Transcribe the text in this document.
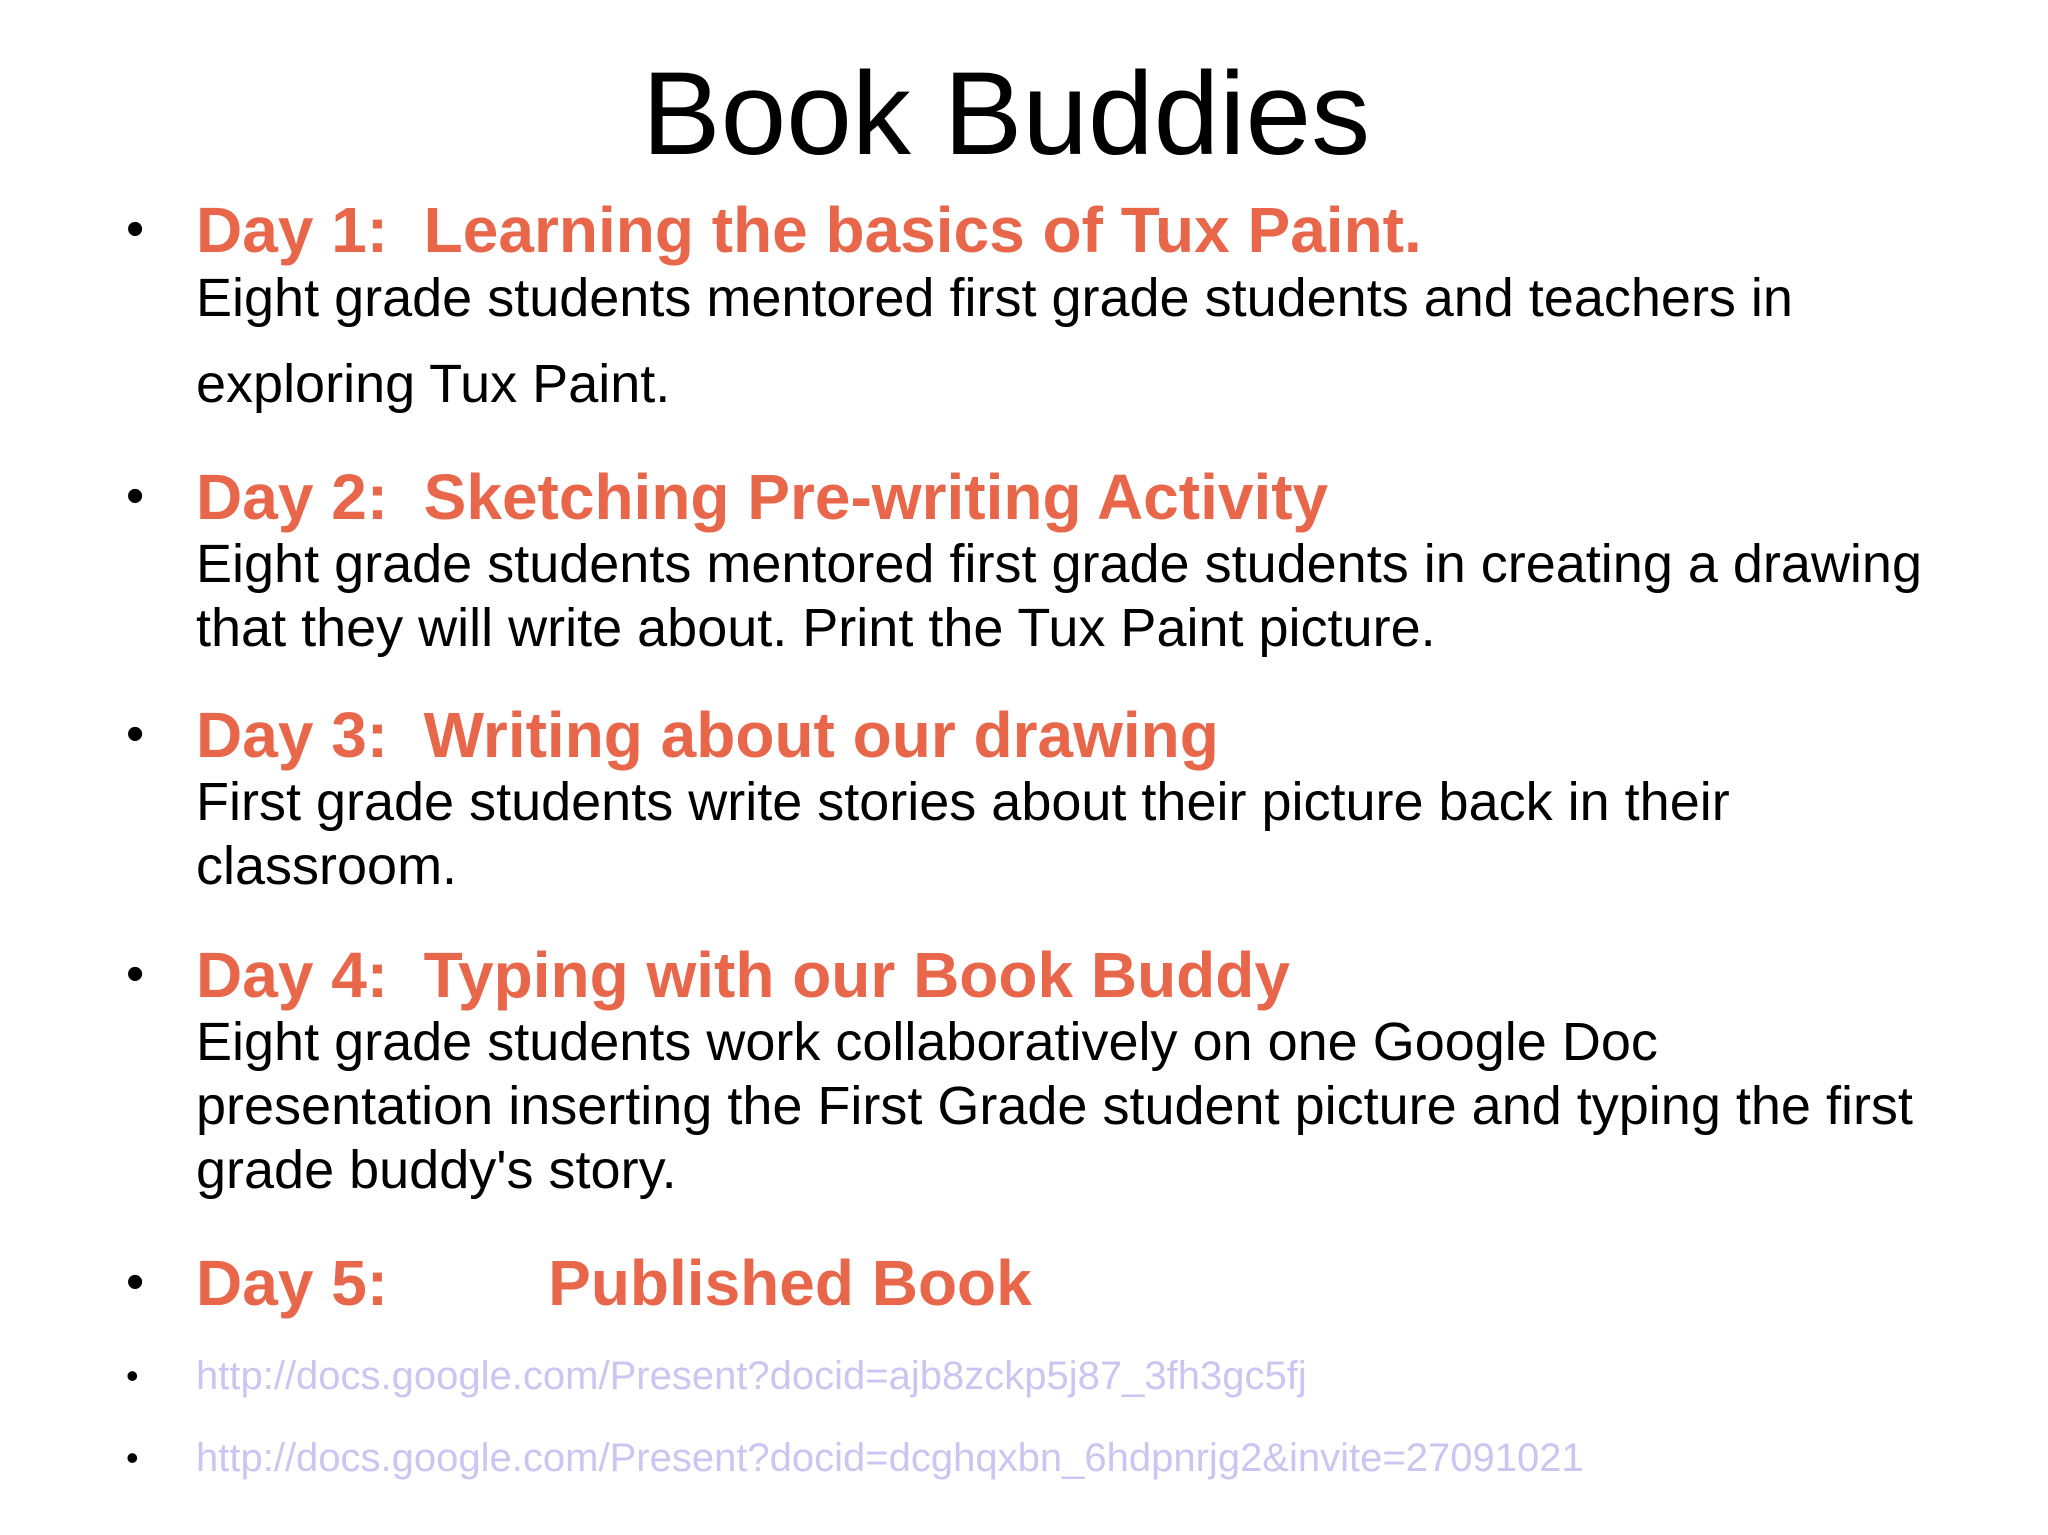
Book Buddies
• Day 1:  Learning the basics of Tux Paint.
Eight grade students mentored first grade students and teachers in exploring Tux Paint.
• Day 2:  Sketching Pre-writing Activity
Eight grade students mentored first grade students in creating a drawing that they will write about. Print the Tux Paint picture.
• Day 3:  Writing about our drawing
First grade students write stories about their picture back in their classroom.
• Day 4:  Typing with our Book Buddy
Eight grade students work collaboratively on one Google Doc presentation inserting the First Grade student picture and typing the first grade buddy's story.
• Day 5:         Published Book
• http://docs.google.com/Present?docid=ajb8zckp5j87_3fh3gc5fj
• http://docs.google.com/Present?docid=dcghqxbn_6hdpnrjg2&invite=27091021
